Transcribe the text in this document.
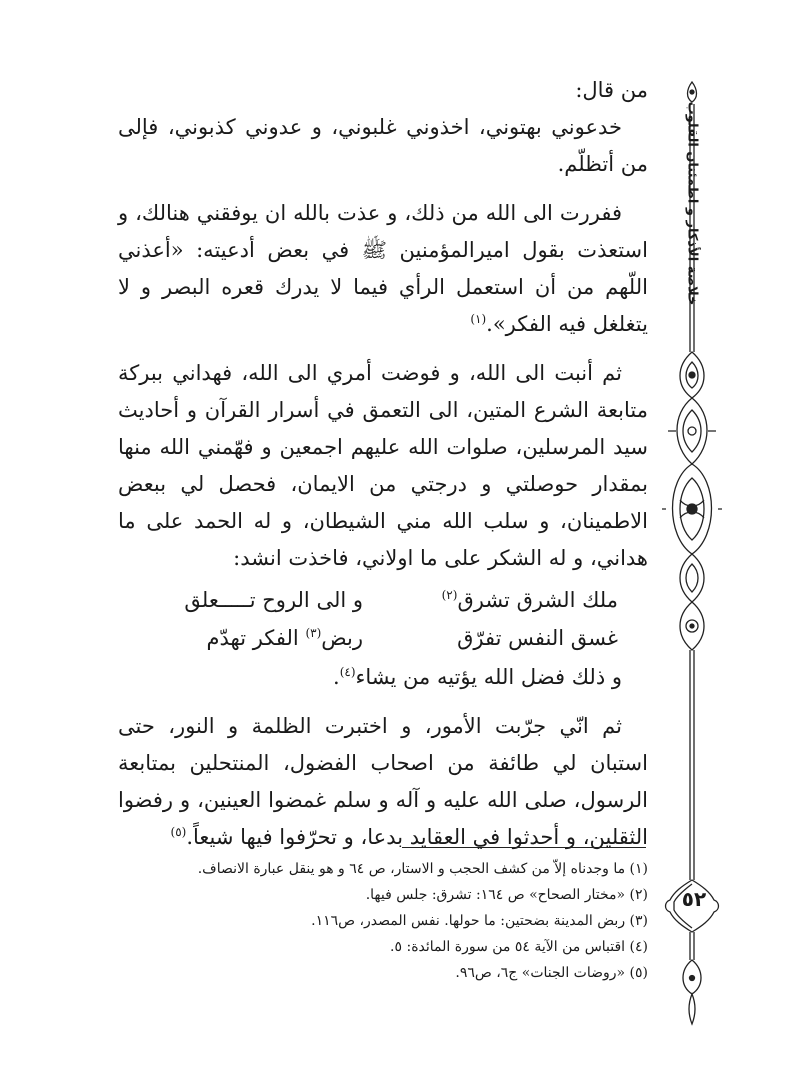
خلاصة الأذكار و اطمئنان القلوب
٥٢

من قال:

خدعوني بهتوني، اخذوني غلبوني، و عدوني كذبوني، فإلى من أتظلّم.

ففررت الى الله من ذلك، و عذت بالله ان يوفقني هنالك، و استعذت بقول اميرالمؤمنين ﷺ في بعض أدعيته: «أعذني اللّهم من أن استعمل الرأي فيما لا يدرك قعره البصر و لا يتغلغل فيه الفكر».$^{(١)}$

ثم أنبت الى الله، و فوضت أمري الى الله، فهداني ببركة متابعة الشرع المتين، الى التعمق في أسرار القرآن و أحاديث سيد المرسلين، صلوات الله عليهم اجمعين و فهّمني الله منها بمقدار حوصلتي و درجتي من الايمان، فحصل لي ببعض الاطمينان، و سلب الله مني الشيطان، و له الحمد على ما هداني، و له الشكر على ما اولاني، فاخذت انشد:

ملك الشرق تشرق$^{(٢)}$
و الى الروح تـــــعلق
غسق النفس تفرّق
ربض$^{(٣)}$ الفكر تهدّم

و ذلك فضل الله يؤتيه من يشاء$^{(٤)}$.

ثم انّي جرّبت الأمور، و اختبرت الظلمة و النور، حتى استبان لي طائفة من اصحاب الفضول، المنتحلين بمتابعة الرسول، صلى الله عليه و آله و سلم غمضوا العينين، و رفضوا الثقلين، و أحدثوا في العقايد بدعا، و تحرّفوا فيها شيعاً.$^{(٥)}$

(١) ما وجدناه إلاّ من كشف الحجب و الاستار، ص ٦٤ و هو ينقل عبارة الانصاف.
(٢) «مختار الصحاح» ص ١٦٤: تشرق: جلس فيها.
(٣) ربض المدينة بضحتين: ما حولها. نفس المصدر، ص١١٦.
(٤) اقتباس من الآية ٥٤ من سورة المائدة: ٥.
(٥) «روضات الجنات» ج٦، ص٩٦.
